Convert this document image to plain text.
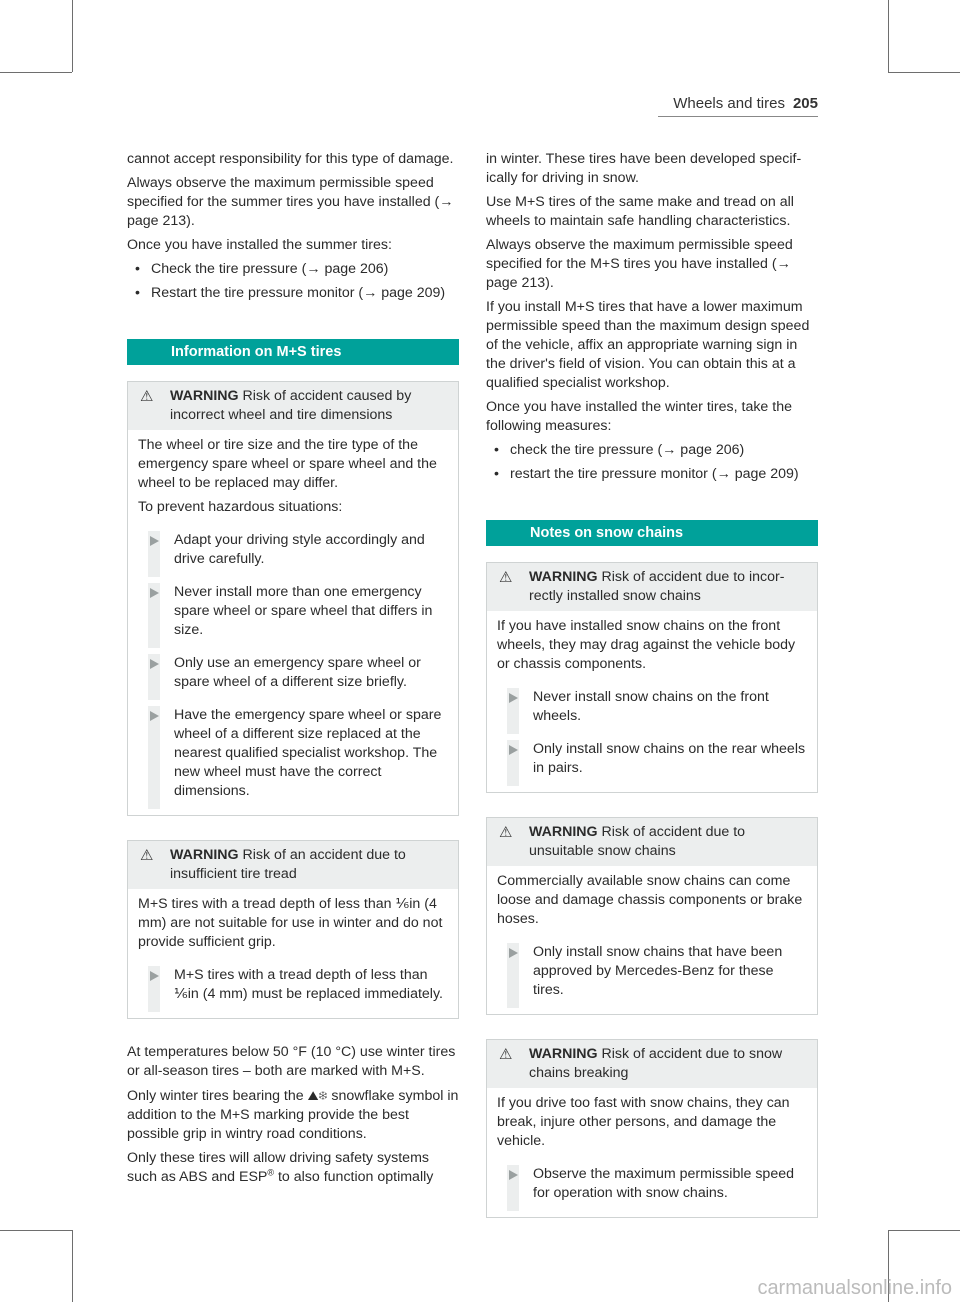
Wheels and tires 205

cannot accept responsibility for this type of damage.

Always observe the maximum permissible speed specified for the summer tires you have installed (→ page 213).

Once you have installed the summer tires:

• Check the tire pressure (→ page 206)
• Restart the tire pressure monitor (→ page 209)
Information on M+S tires
⚠ WARNING Risk of accident caused by incorrect wheel and tire dimensions

The wheel or tire size and the tire type of the emergency spare wheel or spare wheel and the wheel to be replaced may differ.

To prevent hazardous situations:

Adapt your driving style accordingly and drive carefully.
Never install more than one emergency spare wheel or spare wheel that differs in size.
Only use an emergency spare wheel or spare wheel of a different size briefly.
Have the emergency spare wheel or spare wheel of a different size replaced at the nearest qualified specialist workshop. The new wheel must have the correct dimensions.
⚠ WARNING Risk of an accident due to insufficient tire tread

M+S tires with a tread depth of less than ⅙in (4 mm) are not suitable for use in winter and do not provide sufficient grip.

M+S tires with a tread depth of less than ⅙in (4 mm) must be replaced immediately.

At temperatures below 50 °F (10 °C) use winter tires or all-season tires – both are marked with M+S.

Only winter tires bearing the ⛰❄ snowflake symbol in addition to the M+S marking provide the best possible grip in wintry road conditions.

Only these tires will allow driving safety systems such as ABS and ESP® to also function optimally

in winter. These tires have been developed specifically for driving in snow.

Use M+S tires of the same make and tread on all wheels to maintain safe handling characteristics.

Always observe the maximum permissible speed specified for the M+S tires you have installed (→ page 213).

If you install M+S tires that have a lower maximum permissible speed than the maximum design speed of the vehicle, affix an appropriate warning sign in the driver's field of vision. You can obtain this at a qualified specialist workshop.

Once you have installed the winter tires, take the following measures:

• check the tire pressure (→ page 206)
• restart the tire pressure monitor (→ page 209)
Notes on snow chains
⚠ WARNING Risk of accident due to incorrectly installed snow chains

If you have installed snow chains on the front wheels, they may drag against the vehicle body or chassis components.

Never install snow chains on the front wheels.
Only install snow chains on the rear wheels in pairs.
⚠ WARNING Risk of accident due to unsuitable snow chains

Commercially available snow chains can come loose and damage chassis components or brake hoses.

Only install snow chains that have been approved by Mercedes-Benz for these tires.
⚠ WARNING Risk of accident due to snow chains breaking

If you drive too fast with snow chains, they can break, injure other persons, and damage the vehicle.

Observe the maximum permissible speed for operation with snow chains.
carmanualsonline.info
